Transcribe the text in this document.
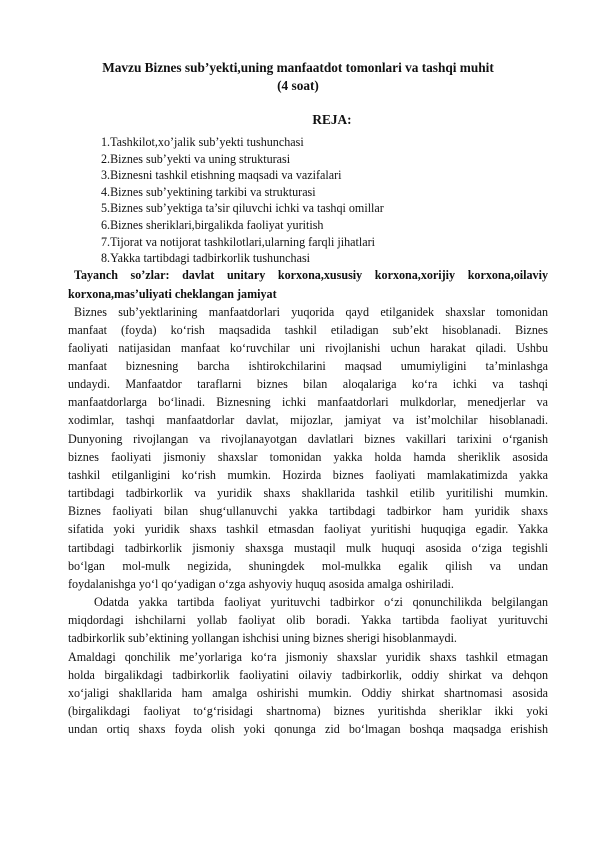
Mavzu Biznes sub’yekti,uning manfaatdot tomonlari va tashqi muhit
(4 soat)
REJA:
1.Tashkilot,xo’jalik sub’yekti tushunchasi
2.Biznes sub’yekti va uning strukturasi
3.Biznesni tashkil etishning maqsadi va vazifalari
4.Biznes sub’yektining tarkibi va strukturasi
5.Biznes sub’yektiga ta’sir qiluvchi ichki va tashqi omillar
6.Biznes sheriklari,birgalikda faoliyat yuritish
7.Tijorat va notijorat tashkilotlari,ularning farqli jihatlari
8.Yakka tartibdagi tadbirkorlik tushunchasi
Tayanch so’zlar: davlat unitary korxona,xususiy korxona,xorijiy korxona,oilaviy
korxona,mas’uliyati cheklangan jamiyat
Biznes sub’yektlarining manfaatdorlari yuqorida qayd etilganidek shaxslar tomonidan
manfaat (foyda) ko‘rish maqsadida tashkil etiladigan sub’ekt hisoblanadi. Biznes
faoliyati natijasidan manfaat ko‘ruvchilar uni rivojlanishi uchun harakat qiladi. Ushbu
manfaat biznesning barcha ishtirokchilarini maqsad umumiyligini ta’minlashga
undaydi. Manfaatdor taraflarni biznes bilan aloqalariga ko‘ra ichki va tashqi
manfaatdorlarga bo‘linadi. Biznesning ichki manfaatdorlari mulkdorlar, menedjerlar va
xodimlar, tashqi manfaatdorlar davlat, mijozlar, jamiyat va ist’molchilar hisoblanadi.
Dunyoning rivojlangan va rivojlanayotgan davlatlari biznes vakillari tarixini o‘rganish
biznes faoliyati jismoniy shaxslar tomonidan yakka holda hamda sheriklik asosida
tashkil etilganligini ko‘rish mumkin. Hozirda biznes faoliyati mamlakatimizda yakka
tartibdagi tadbirkorlik va yuridik shaxs shakllarida tashkil etilib yuritilishi mumkin.
Biznes faoliyati bilan shug‘ullanuvchi yakka tartibdagi tadbirkor ham yuridik shaxs
sifatida yoki yuridik shaxs tashkil etmasdan faoliyat yuritishi huquqiga egadir. Yakka
tartibdagi tadbirkorlik jismoniy shaxsga mustaqil mulk huquqi asosida o‘ziga tegishli
bo‘lgan mol-mulk negizida, shuningdek mol-mulkka egalik qilish va undan
foydalanishga yo‘l qo‘yadigan o‘zga ashyoviy huquq asosida amalga oshiriladi.
Odatda yakka tartibda faoliyat yurituvchi tadbirkor o‘zi qonunchilikda belgilangan
miqdordagi ishchilarni yollab faoliyat olib boradi. Yakka tartibda faoliyat yurituvchi
tadbirkorlik sub’ektining yollangan ishchisi uning biznes sherigi hisoblanmaydi.
Amaldagi qonchilik me’yorlariga ko‘ra jismoniy shaxslar yuridik shaxs tashkil etmagan
holda birgalikdagi tadbirkorlik faoliyatini oilaviy tadbirkorlik, oddiy shirkat va dehqon
xo‘jaligi shakllarida ham amalga oshirishi mumkin. Oddiy shirkat shartnomasi asosida
(birgalikdagi faoliyat to‘g‘risidagi shartnoma) biznes yuritishda sheriklar ikki yoki
undan ortiq shaxs foyda olish yoki qonunga zid bo‘lmagan boshqa maqsadga erishish
